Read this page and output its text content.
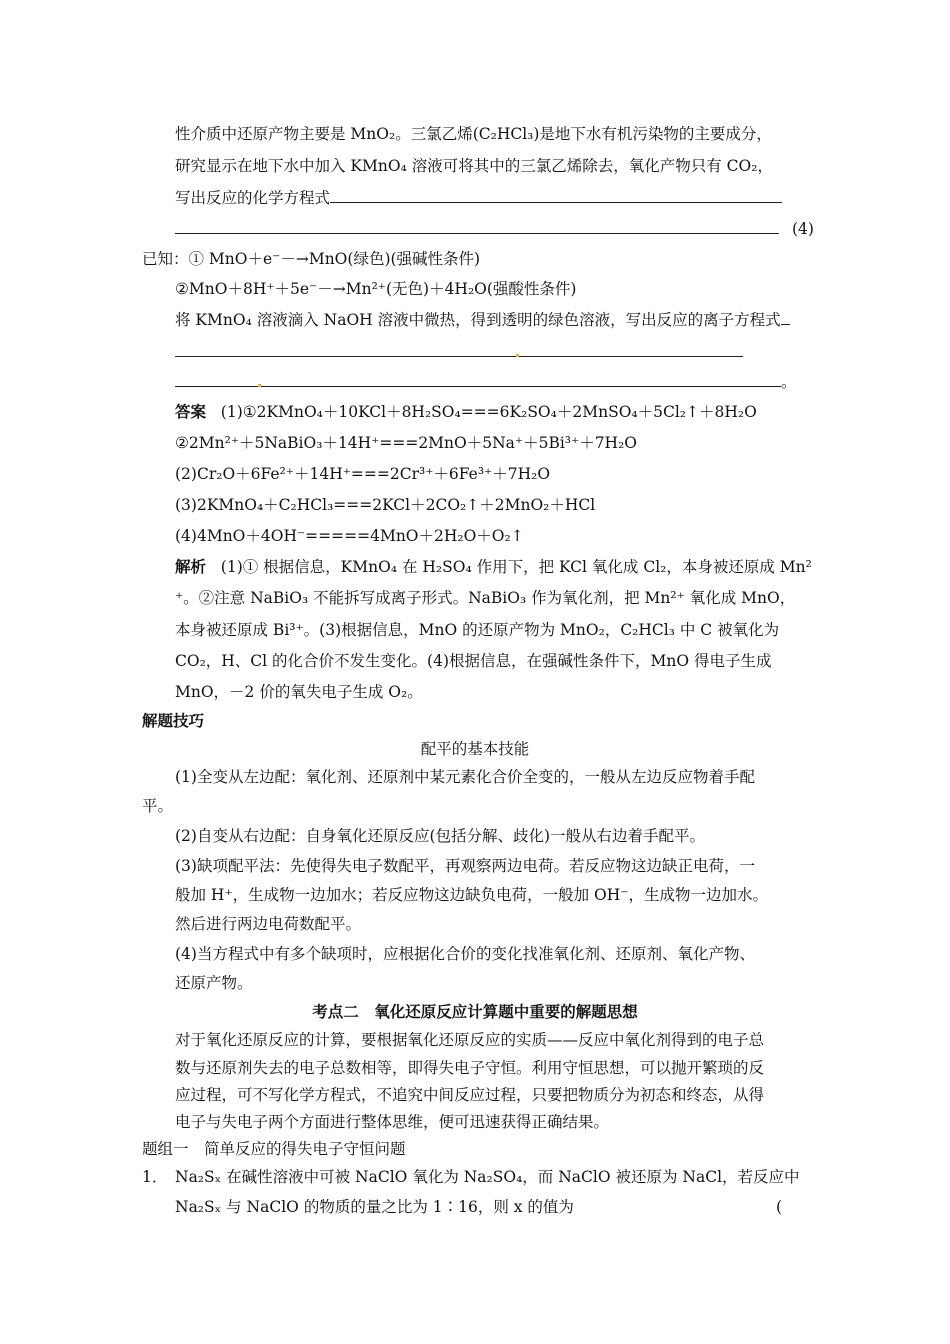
性介质中还原产物主要是 MnO₂。三氯乙烯(C₂HCl₃)是地下水有机污染物的主要成分，
研究显示在地下水中加入 KMnO₄ 溶液可将其中的三氯乙烯除去，氧化产物只有 CO₂，
写出反应的化学方程式
(4)
已知：① MnO＋e⁻－→MnO(绿色)(强碱性条件)
②MnO＋8H⁺＋5e⁻－→Mn²⁺(无色)＋4H₂O(强酸性条件)
将 KMnO₄ 溶液滴入 NaOH 溶液中微热，得到透明的绿色溶液，写出反应的离子方程式
。
答案 (1)①2KMnO₄＋10KCl＋8H₂SO₄===6K₂SO₄＋2MnSO₄＋5Cl₂↑＋8H₂O
②2Mn²⁺＋5NaBiO₃＋14H⁺===2MnO＋5Na⁺＋5Bi³⁺＋7H₂O
(2)Cr₂O＋6Fe²⁺＋14H⁺===2Cr³⁺＋6Fe³⁺＋7H₂O
(3)2KMnO₄＋C₂HCl₃===2KCl＋2CO₂↑＋2MnO₂＋HCl
(4)4MnO＋4OH⁻=====4MnO＋2H₂O＋O₂↑
解析 (1)① 根据信息，KMnO₄ 在 H₂SO₄ 作用下，把 KCl 氧化成 Cl₂，本身被还原成 Mn²
⁺。②注意 NaBiO₃ 不能拆写成离子形式。NaBiO₃ 作为氧化剂，把 Mn²⁺ 氧化成 MnO，
本身被还原成 Bi³⁺。(3)根据信息，MnO 的还原产物为 MnO₂，C₂HCl₃ 中 C 被氧化为
CO₂，H、Cl 的化合价不发生变化。(4)根据信息，在强碱性条件下，MnO 得电子生成
MnO，－2 价的氧失电子生成 O₂。
解题技巧
配平的基本技能
(1)全变从左边配：氧化剂、还原剂中某元素化合价全变的，一般从左边反应物着手配
平。
(2)自变从右边配：自身氧化还原反应(包括分解、歧化)一般从右边着手配平。
(3)缺项配平法：先使得失电子数配平，再观察两边电荷。若反应物这边缺正电荷，一
般加 H⁺，生成物一边加水；若反应物这边缺负电荷，一般加 OH⁻，生成物一边加水。
然后进行两边电荷数配平。
(4)当方程式中有多个缺项时，应根据化合价的变化找准氧化剂、还原剂、氧化产物、
还原产物。
考点二　氧化还原反应计算题中重要的解题思想
对于氧化还原反应的计算，要根据氧化还原反应的实质——反应中氧化剂得到的电子总
数与还原剂失去的电子总数相等，即得失电子守恒。利用守恒思想，可以抛开繁琐的反
应过程，可不写化学方程式，不追究中间反应过程，只要把物质分为初态和终态，从得
电子与失电子两个方面进行整体思维，便可迅速获得正确结果。
题组一　简单反应的得失电子守恒问题
1． Na₂Sₓ 在碱性溶液中可被 NaClO 氧化为 Na₂SO₄，而 NaClO 被还原为 NaCl，若反应中
Na₂Sₓ 与 NaClO 的物质的量之比为 1∶16，则 x 的值为	(
